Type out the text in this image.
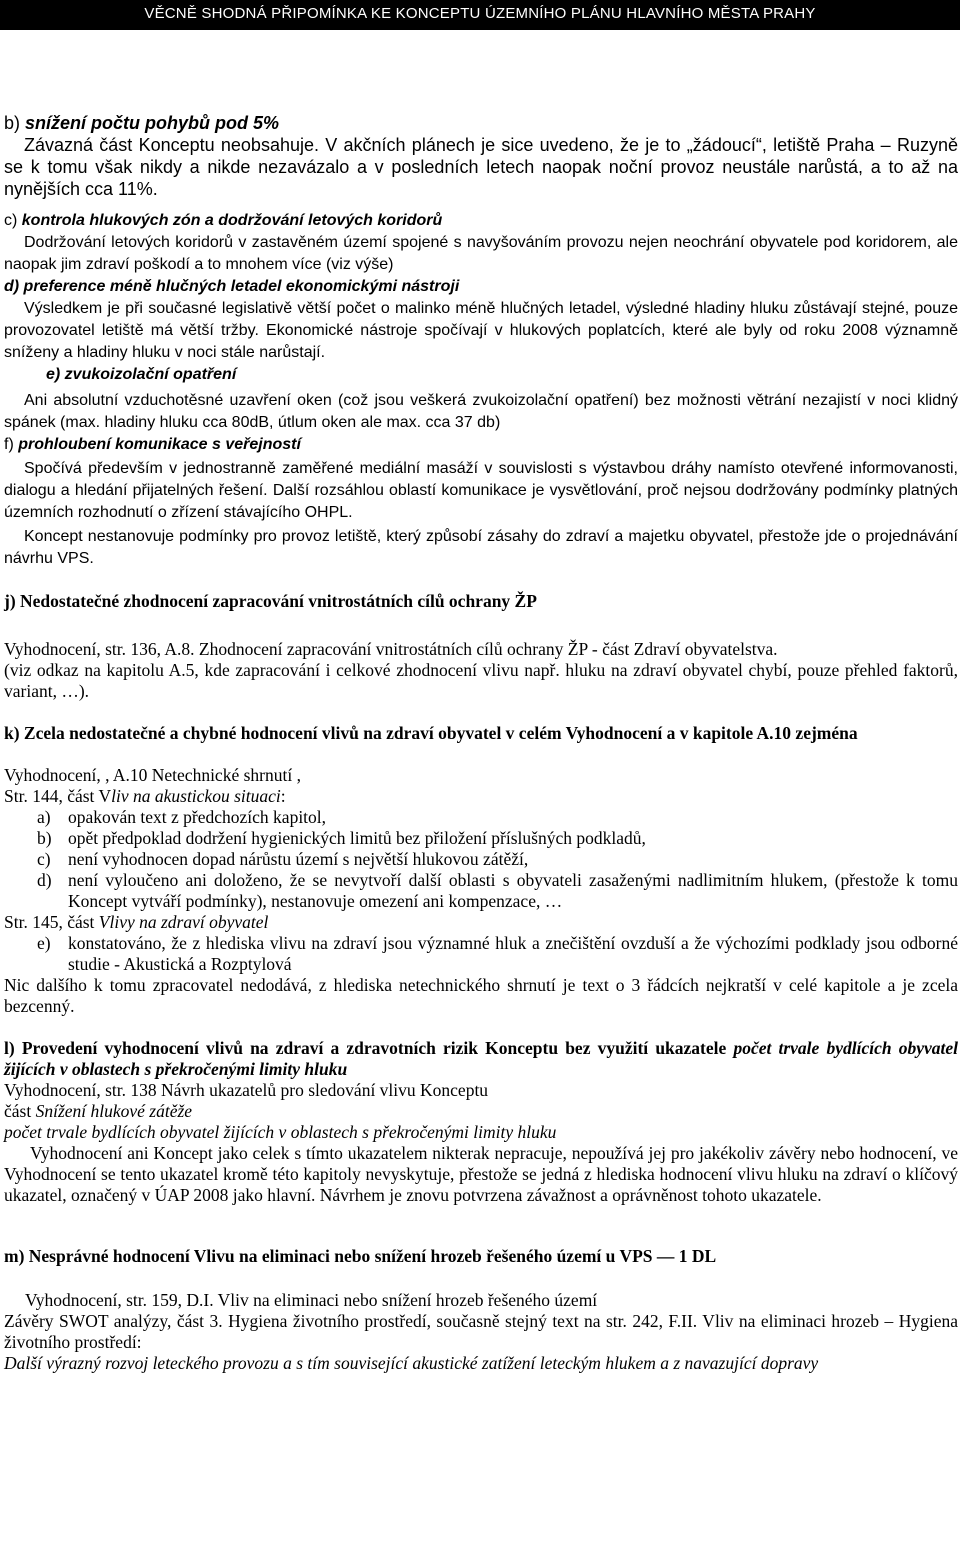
VĚCNĚ SHODNÁ PŘIPOMÍNKA KE KONCEPTU ÚZEMNÍHO PLÁNU HLAVNÍHO MĚSTA PRAHY

b) snížení počtu pohybů pod 5%

Závazná část Konceptu neobsahuje. V akčních plánech je sice uvedeno, že je to „žádoucí“, letiště Praha – Ruzyně se k tomu však nikdy a nikde nezavázalo a v posledních letech naopak noční provoz neustále narůstá, a to až na nynějších cca 11%.

c) kontrola hlukových zón a dodržování letových koridorů

Dodržování letových koridorů v zastavěném území spojené s navyšováním provozu nejen neochrání obyvatele pod koridorem, ale naopak jim zdraví poškodí a to mnohem více (viz výše)

d) preference méně hlučných letadel ekonomickými nástroji

Výsledkem je při současné legislativě větší počet o malinko méně hlučných letadel, výsledné hladiny hluku zůstávají stejné, pouze provozovatel letiště má větší tržby. Ekonomické nástroje spočívají v hlukových poplatcích, které ale byly od roku 2008 významně sníženy a hladiny hluku v noci stále narůstají.

e) zvukoizolační opatření

Ani absolutní vzduchotěsné uzavření oken (což jsou veškerá zvukoizolační opatření) bez možnosti větrání nezajistí v noci klidný spánek (max. hladiny hluku cca 80dB, útlum oken ale max. cca 37 db)

f) prohloubení komunikace s veřejností

Spočívá především v jednostranně zaměřené mediální masáží v souvislosti s výstavbou dráhy namísto otevřené informovanosti, dialogu a hledání přijatelných řešení. Další rozsáhlou oblastí komunikace je vysvětlování, proč nejsou dodržovány podmínky platných územních rozhodnutí o zřízení stávajícího OHPL.

Koncept nestanovuje podmínky pro provoz letiště, který způsobí zásahy do zdraví a majetku obyvatel, přestože jde o projednávání návrhu VPS.

j) Nedostatečné zhodnocení zapracování vnitrostátních cílů ochrany ŽP

Vyhodnocení, str. 136, A.8. Zhodnocení zapracování vnitrostátních cílů ochrany ŽP - část Zdraví obyvatelstva.

(viz odkaz na kapitolu A.5, kde zapracování i celkové zhodnocení vlivu např. hluku na zdraví obyvatel chybí, pouze přehled faktorů, variant, …).

k) Zcela nedostatečné a chybné hodnocení vlivů na zdraví obyvatel v celém Vyhodnocení a v kapitole A.10 zejména

Vyhodnocení, , A.10 Netechnické shrnutí ,

Str. 144, část Vliv na akustickou situaci:

a) opakován text z předchozích kapitol,
b) opět předpoklad dodržení hygienických limitů bez přiložení příslušných podkladů,
c) není vyhodnocen dopad nárůstu území s největší hlukovou zátěží,
d) není vyloučeno ani doloženo, že se nevytvoří další oblasti s obyvateli zasaženými nadlimitním hlukem, (přestože k tomu Koncept vytváří podmínky), nestanovuje omezení ani kompenzace, …

Str. 145, část Vlivy na zdraví obyvatel

e) konstatováno, že z hlediska vlivu na zdraví jsou významné hluk a znečištění ovzduší a že výchozími podklady jsou odborné studie - Akustická a Rozptylová

Nic dalšího k tomu zpracovatel nedodává, z hlediska netechnického shrnutí je text o 3 řádcích nejkratší v celé kapitole a je zcela bezcenný.

l) Provedení vyhodnocení vlivů na zdraví a zdravotních rizik Konceptu bez využití ukazatele počet trvale bydlících obyvatel žijících v oblastech s překročenými limity hluku

Vyhodnocení, str. 138 Návrh ukazatelů pro sledování vlivu Konceptu

část Snížení hlukové zátěže

počet trvale bydlících obyvatel žijících v oblastech s překročenými limity hluku

Vyhodnocení ani Koncept jako celek s tímto ukazatelem nikterak nepracuje, nepoužívá jej pro jakékoliv závěry nebo hodnocení, ve Vyhodnocení se tento ukazatel kromě této kapitoly nevyskytuje, přestože se jedná z hlediska hodnocení vlivu hluku na zdraví o klíčový ukazatel, označený v ÚAP 2008 jako hlavní. Návrhem je znovu potvrzena závažnost a oprávněnost tohoto ukazatele.

m) Nesprávné hodnocení Vlivu na eliminaci nebo snížení hrozeb řešeného území u VPS — 1 DL

Vyhodnocení, str. 159, D.I. Vliv na eliminaci nebo snížení hrozeb řešeného území

Závěry SWOT analýzy, část 3. Hygiena životního prostředí, současně stejný text na str. 242, F.II. Vliv na eliminaci hrozeb – Hygiena životního prostředí:

Další výrazný rozvoj leteckého provozu a s tím související akustické zatížení leteckým hlukem a z navazující dopravy
